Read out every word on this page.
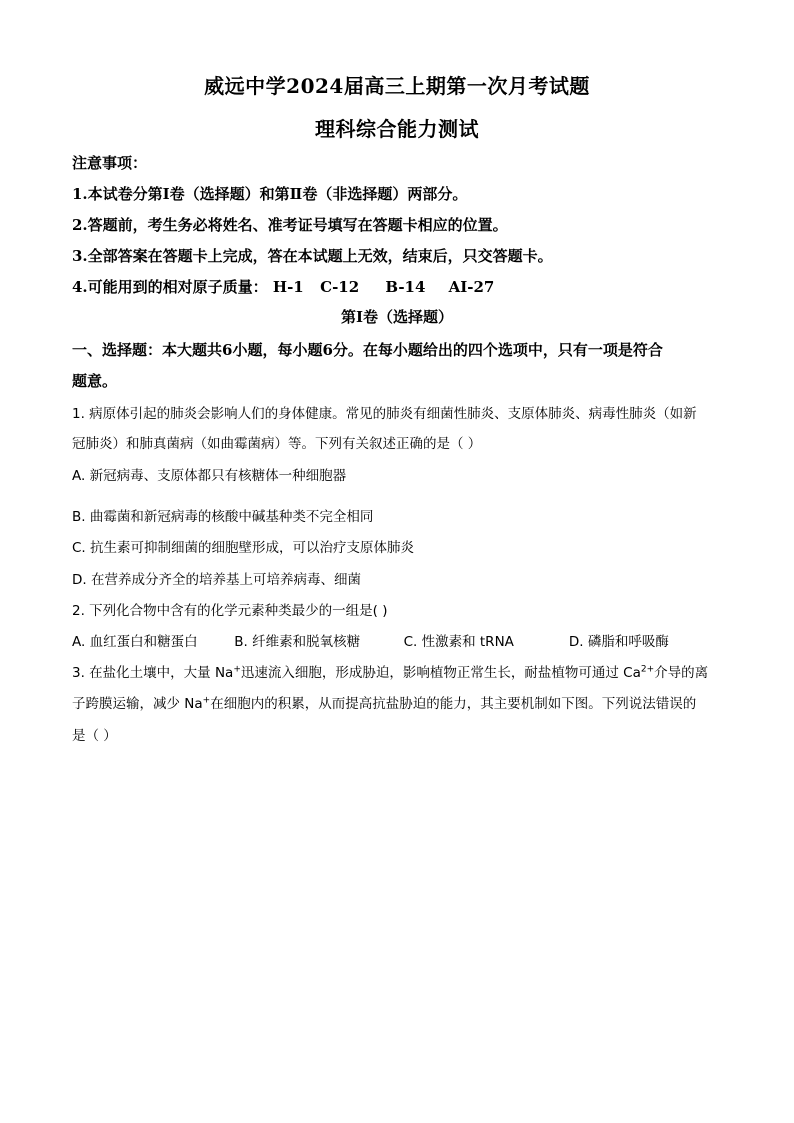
威远中学2024届高三上期第一次月考试题
理科综合能力测试
注意事项：
1.本试卷分第Ⅰ卷（选择题）和第Ⅱ卷（非选择题）两部分。
2.答题前，考生务必将姓名、准考证号填写在答题卡相应的位置。
3.全部答案在答题卡上完成，答在本试题上无效，结束后，只交答题卡。
4.可能用到的相对原子质量： H-1 C-12 B-14 AI-27
第Ⅰ卷（选择题）
一、选择题：本大题共6小题，每小题6分。在每小题给出的四个选项中，只有一项是符合
题意。
1. 病原体引起的肺炎会影响人们的身体健康。常见的肺炎有细菌性肺炎、支原体肺炎、病毒性肺炎（如新
冠肺炎）和肺真菌病（如曲霉菌病）等。下列有关叙述正确的是（ ）
A. 新冠病毒、支原体都只有核糖体一种细胞器
B. 曲霉菌和新冠病毒的核酸中碱基种类不完全相同
C. 抗生素可抑制细菌的细胞壁形成，可以治疗支原体肺炎
D. 在营养成分齐全的培养基上可培养病毒、细菌
2. 下列化合物中含有的化学元素种类最少的一组是( )
A. 血红蛋白和糖蛋白	B. 纤维素和脱氧核糖	C. 性激素和 tRNA	D. 磷脂和呼吸酶
3. 在盐化土壤中，大量 Na+迅速流入细胞，形成胁迫，影响植物正常生长，耐盐植物可通过 $Ca^{2+}$介导的离
子跨膜运输，减少 Na+在细胞内的积累，从而提高抗盐胁迫的能力，其主要机制如下图。下列说法错误的
是（ ）
